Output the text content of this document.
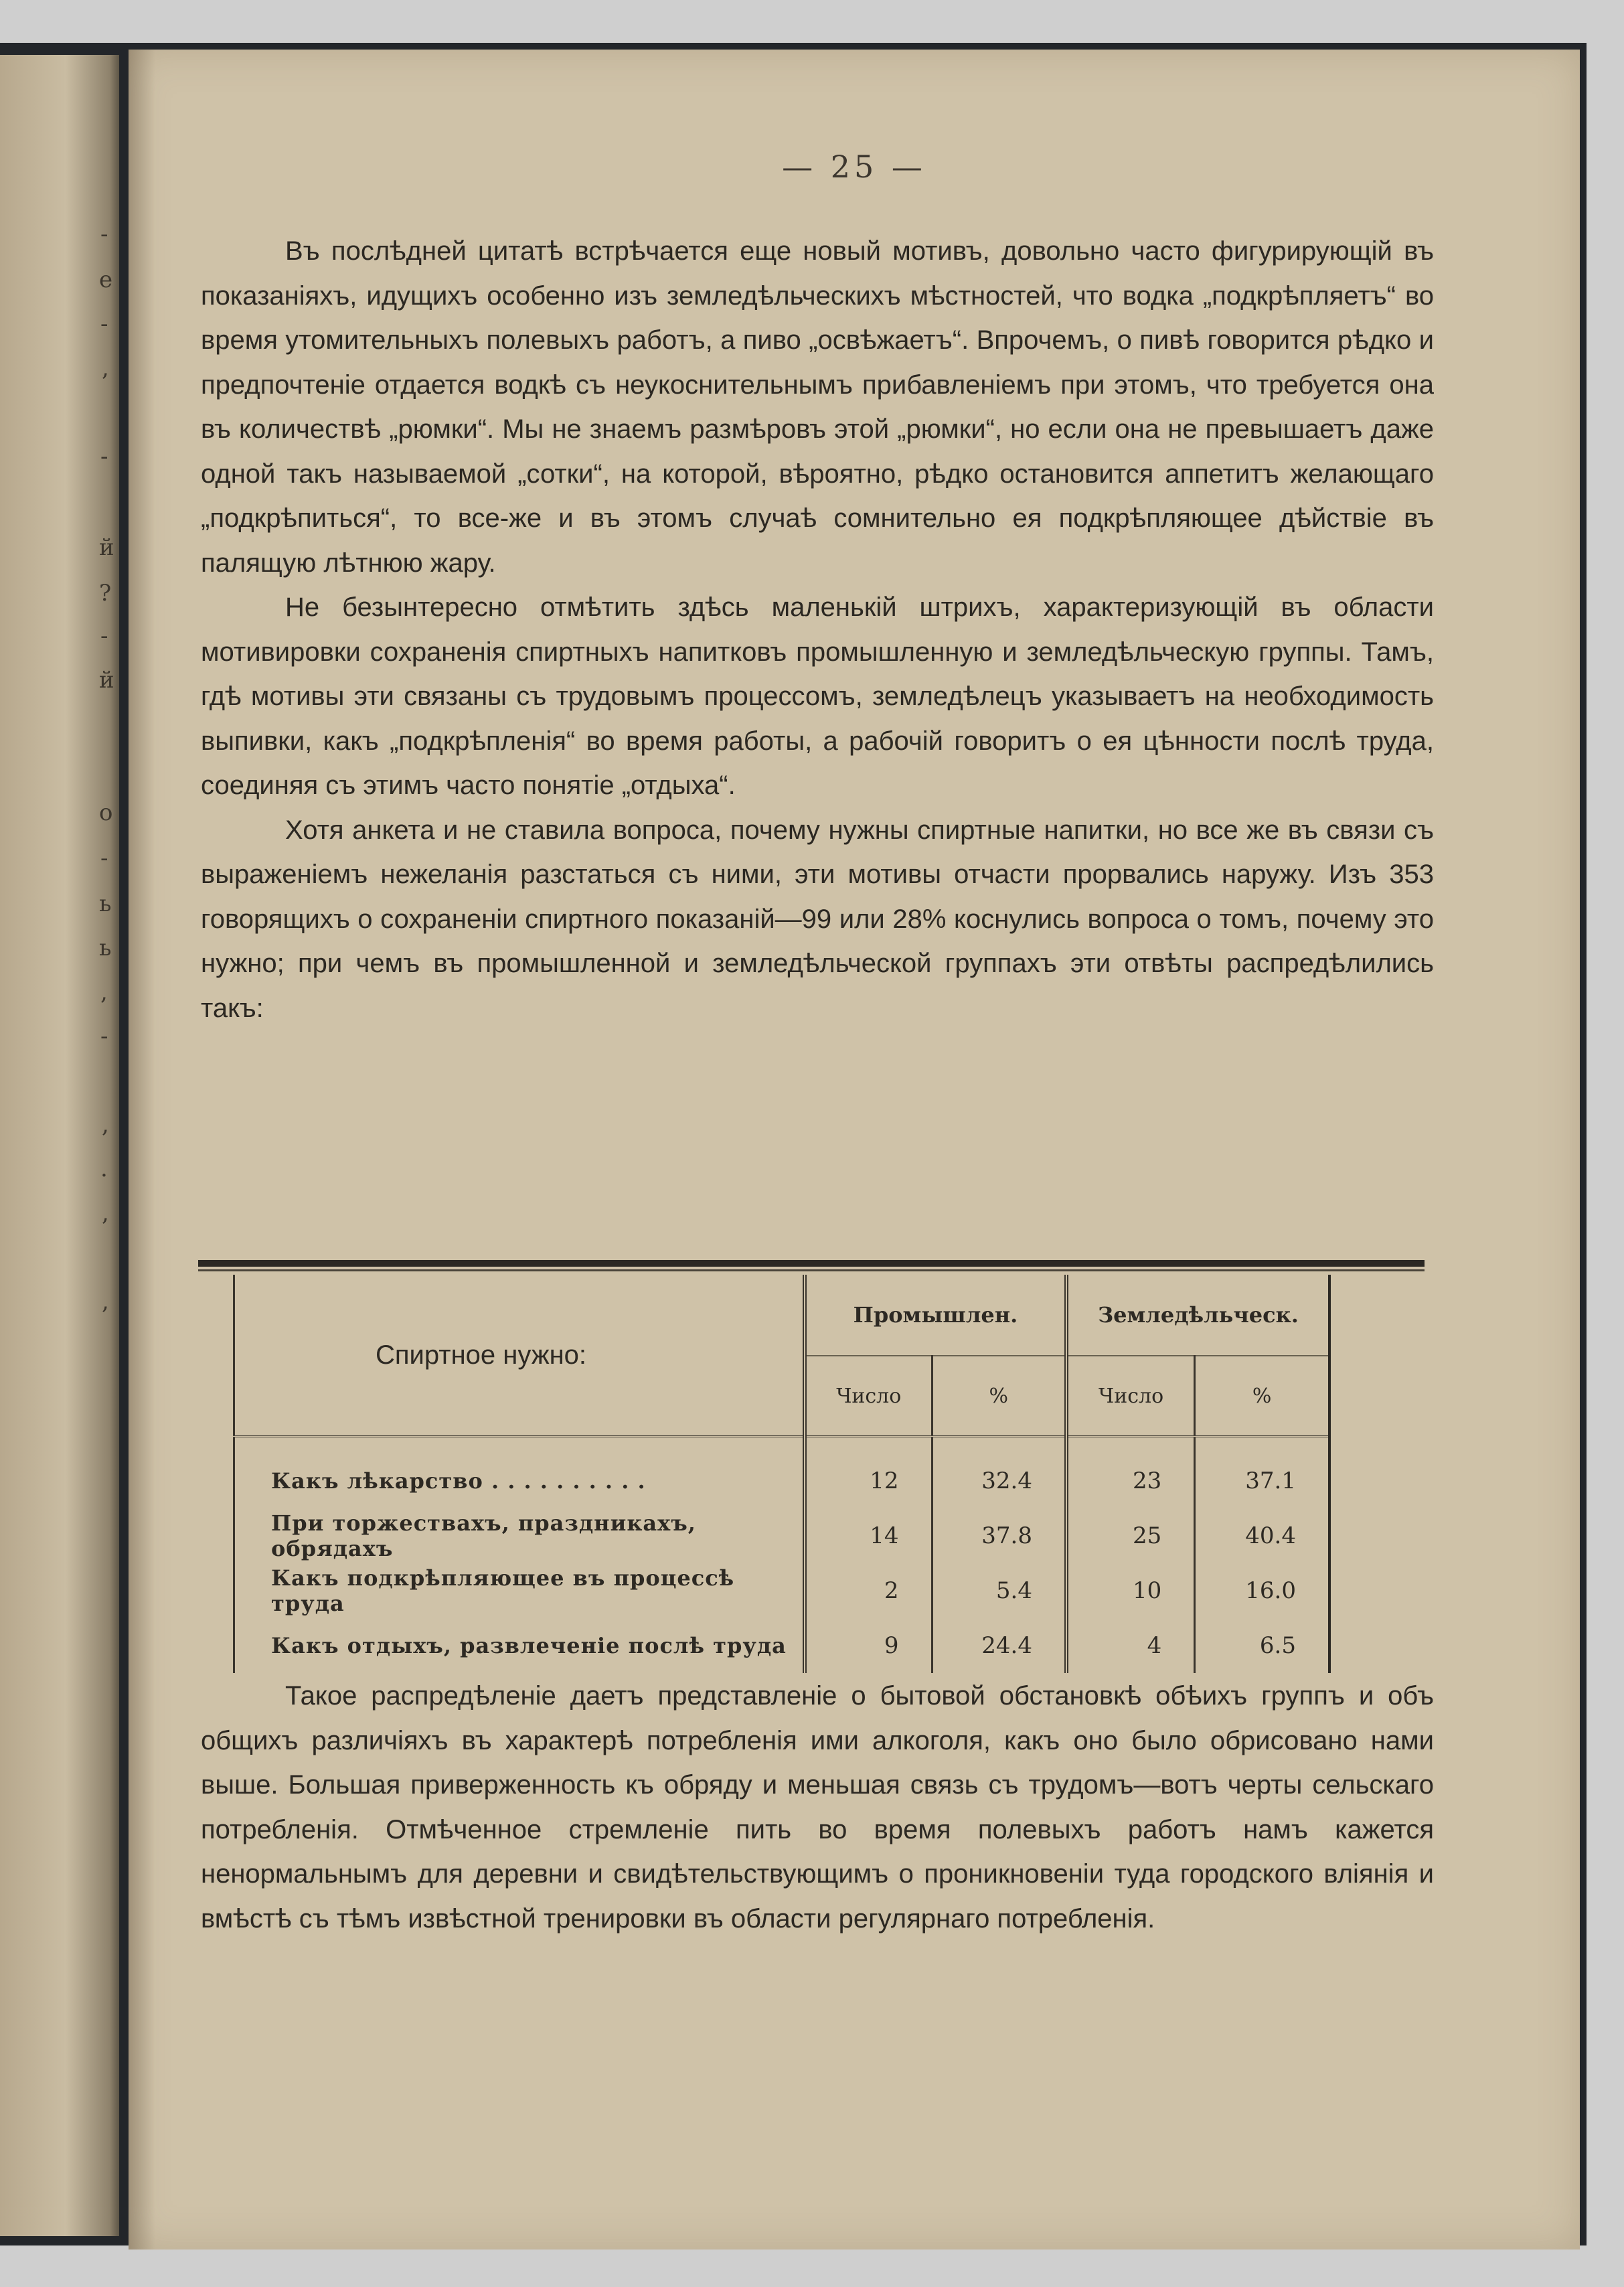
-
е
-
,
-
й
?
-
й
о
-
ь
ь
,
-
,
.
,
,
— 25 —

Въ послѣдней цитатѣ встрѣчается еще новый мотивъ, довольно часто фигурирующій въ показаніяхъ, идущихъ особенно изъ земледѣльческихъ мѣстностей, что водка „подкрѣпляетъ“ во время утомительныхъ полевыхъ работъ, а пиво „освѣжаетъ“. Впрочемъ, о пивѣ говорится рѣдко и предпочтеніе отдается водкѣ съ неукоснительнымъ прибавленіемъ при этомъ, что требуется она въ количествѣ „рюмки“. Мы не знаемъ размѣровъ этой „рюмки“, но если она не превышаетъ даже одной такъ называемой „сотки“, на которой, вѣроятно, рѣдко остановится аппетитъ желающаго „подкрѣпиться“, то все-же и въ этомъ случаѣ сомнительно ея подкрѣпляющее дѣйствіе въ палящую лѣтнюю жару.

Не безынтересно отмѣтить здѣсь маленькій штрихъ, характеризующій въ области мотивировки сохраненія спиртныхъ напитковъ промышленную и земледѣльческую группы. Тамъ, гдѣ мотивы эти связаны съ трудовымъ процессомъ, земледѣлецъ указываетъ на необходимость выпивки, какъ „подкрѣпленія“ во время работы, а рабочій говоритъ о ея цѣнности послѣ труда, соединяя съ этимъ часто понятіе „отдыха“.

Хотя анкета и не ставила вопроса, почему нужны спиртные напитки, но все же въ связи съ выраженіемъ нежеланія разстаться съ ними, эти мотивы отчасти прорвались наружу. Изъ 353 говорящихъ о сохраненіи спиртного показаній—99 или 28% коснулись вопроса о томъ, почему это нужно; при чемъ въ промышленной и земледѣльческой группахъ эти отвѣты распредѣлились такъ:

Спиртное нужно:	Промышлен.		Земледѣльческ.	
	Число	%	Число	%
Какъ лѣкарство . . . . . . . . . .	12	32.4	23	37.1
При торжествахъ, праздникахъ, обрядахъ	14	37.8	25	40.4
Какъ подкрѣпляющее въ процессѣ труда	2	5.4	10	16.0
Какъ отдыхъ, развлеченіе послѣ труда	9	24.4	4	6.5

Такое распредѣленіе даетъ представленіе о бытовой обстановкѣ обѣихъ группъ и объ общихъ различіяхъ въ характерѣ потребленія ими алкоголя, какъ оно было обрисовано нами выше. Большая приверженность къ обряду и меньшая связь съ трудомъ—вотъ черты сельскаго потребленія. Отмѣченное стремленіе пить во время полевыхъ работъ намъ кажется ненормальнымъ для деревни и свидѣтельствующимъ о проникновеніи туда городского вліянія и вмѣстѣ съ тѣмъ извѣстной тренировки въ области регулярнаго потребленія.
